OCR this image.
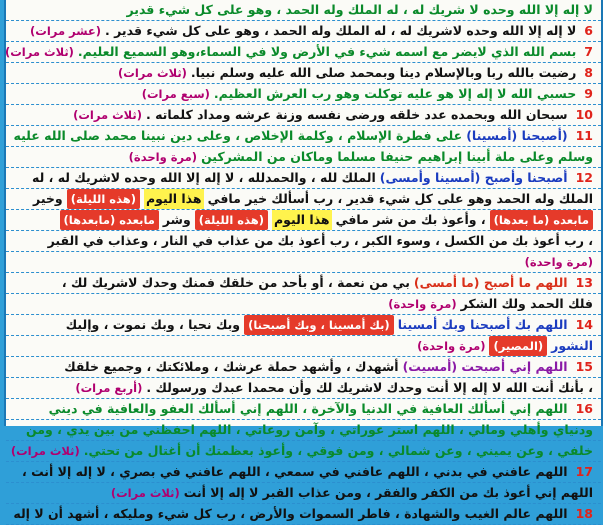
لا إله إلا الله وحده لا شريك له ، له الملك وله الحمد ، وهو على كل شيء قدير
6
لا إله إلا الله وحده لاشريك له ، له الملك وله الحمد ، وهو على كل شيء قدير .
(عشر مرات)
7
بسم الله الذي لايضر مع اسمه شيء في الأرض ولا في السماء،وهو السميع العليم.
(ثلاث مرات)
8
رضيت بالله ربا وبالإسلام دينا وبمحمد صلى الله عليه وسلم نبيا.
(ثلاث مرات)
9
حسبي الله لا إله إلا هو عليه توكلت وهو رب العرش العظيم.
(سبع مرات)
10
سبحان الله وبحمده عدد خلقه ورضى نفسه وزنة عرشه ومداد كلماته .
(ثلاث مرات)
11
(أصبحنا (أمسينا)
على فطرة الإسلام ، وكلمة الإخلاص ، وعلى دين نبينا محمد صلى الله عليه
وسلم وعلى ملة أبينا إبراهيم حنيفا مسلما وماكان من المشركين
(مرة واحدة)
12
أصبحنا وأصبح (أمسينا وأمسى)
الملك لله ، والحمدلله ، لا إله إلا الله وحده لاشريك له ، له
الملك وله الحمد وهو على كل شيء قدير ، رب أسألك خير مافي
هذا اليوم
(هذه الليلة)
وخير
مابعده (ما بعدها)
، وأعوذ بك من شر مافي
هذا اليوم
(هذه الليلة)
وشر
مابعده (مابعدها)
، رب أعوذ بك من الكسل ، وسوء الكبر ، رب أعوذ بك من عذاب في النار ، وعذاب في القبر
(مرة واحدة)
13
اللهم ما أصبح (ما أمسى)
بي من نعمة ، أو بأحد من خلقك فمنك وحدك لاشريك لك ،
فلك الحمد ولك الشكر
(مرة واحدة)
14
اللهم بك أصبحنا وبك أمسينا
(بك أمسينا ، وبك أصبحنا)
وبك نحيا ، وبك نموت ، وإليك
النشور
(المصير)
(مرة واحدة)
15
اللهم إني أصبحت (أمسيت)
أشهدك ، وأشهد حملة عرشك ، وملائكتك ، وجميع خلقك
، بأنك أنت الله لا إله إلا أنت وحدك لاشريك لك وأن محمدا عبدك ورسولك .
(أربع مرات)
16
اللهم إني أسألك العافية في الدنيا والآخرة ، اللهم إني أسألك العفو والعافية في ديني
ودنياي وأهلي ومالي ، اللهم استر عوراتي ، وآمن روعاتي ، اللهم احفظني من بين يدي ، ومن
خلفي ، وعن يميني ، وعن شمالي ، ومن فوقي ، وأعوذ بعظمتك أن أغتال من تحتي.
(ثلاث مرات)
17
اللهم عافني في بدني ، اللهم عافني في سمعي ، اللهم عافني في بصري ، لا إله إلا أنت ،
اللهم إني أعوذ بك من الكفر والفقر ، ومن عذاب القبر لا إله إلا أنت
(ثلاث مرات)
18
اللهم عالم الغيب والشهادة ، فاطر السموات والأرض ، رب كل شيء ومليكه ، أشهد أن لا إله
